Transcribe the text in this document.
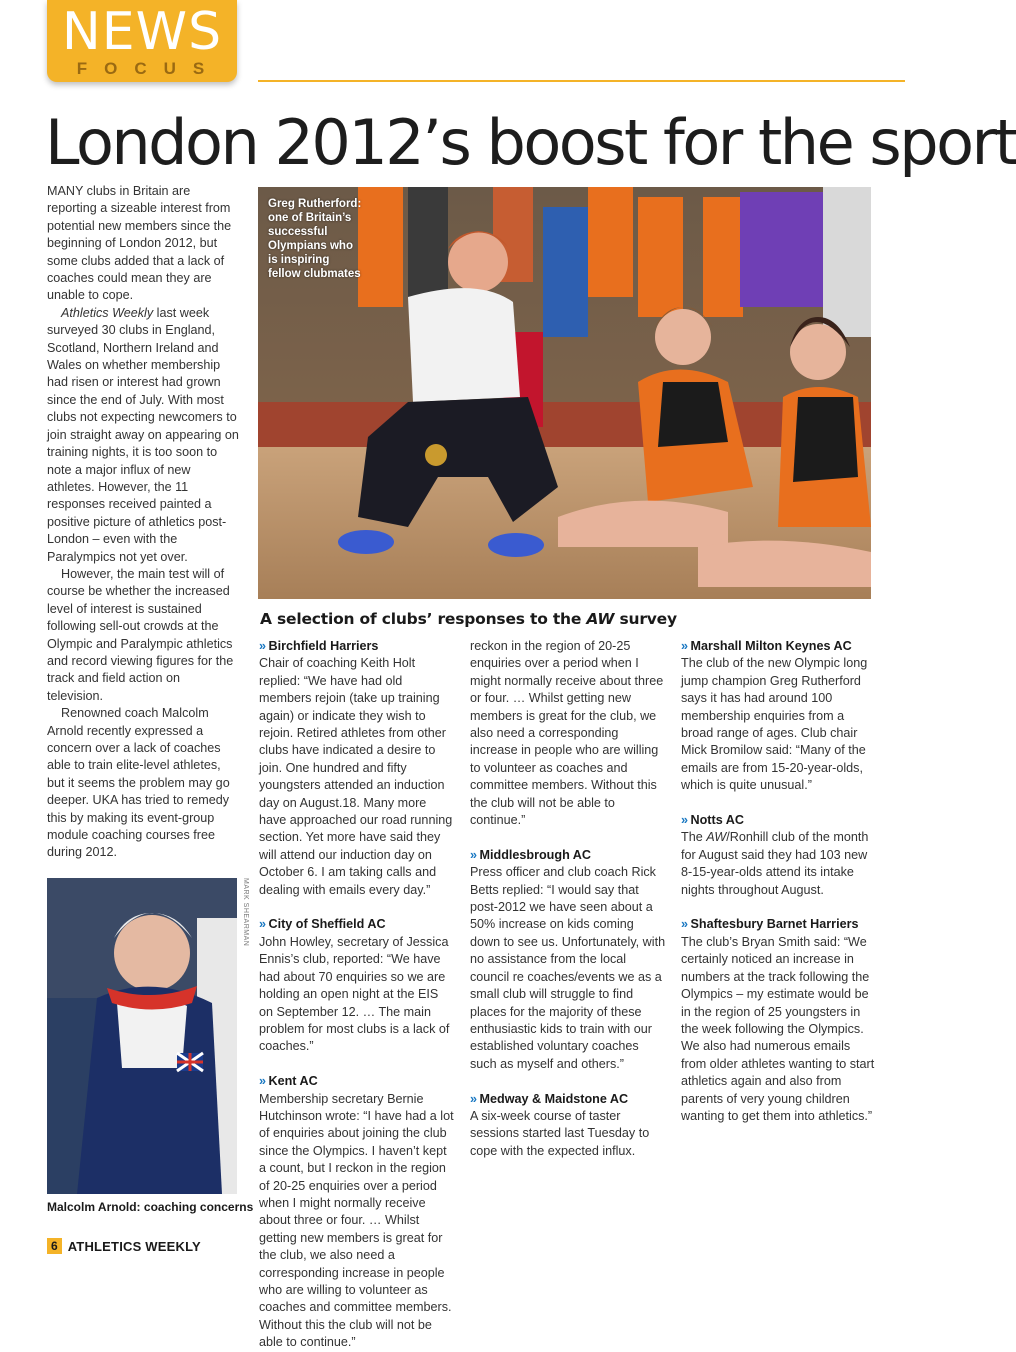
NEWS
FOCUS
London 2012’s boost for the sport

MANY clubs in Britain are reporting a sizeable interest from potential new members since the beginning of London 2012, but some clubs added that a lack of coaches could mean they are unable to cope.

Athletics Weekly last week surveyed 30 clubs in England, Scotland, Northern Ireland and Wales on whether membership had risen or interest had grown since the end of July. With most clubs not expecting newcomers to join straight away on appearing on training nights, it is too soon to note a major influx of new athletes. However, the 11 responses received painted a positive picture of athletics post-London – even with the Paralympics not yet over.

However, the main test will of course be whether the increased level of interest is sustained following sell-out crowds at the Olympic and Paralympic athletics and record viewing figures for the track and field action on television.

Renowned coach Malcolm Arnold recently expressed a concern over a lack of coaches able to train elite-level athletes, but it seems the problem may go deeper. UKA has tried to remedy this by making its event-group module coaching courses free during 2012.

Greg Rutherford: one of Britain’s successful Olympians who is inspiring fellow clubmates
A selection of clubs’ responses to the AW survey
» Birchfield Harriers
Chair of coaching Keith Holt replied: “We have had old members rejoin (take up training again) or indicate they wish to rejoin. Retired athletes from other clubs have indicated a desire to join. One hundred and fifty youngsters attended an induction day on August.18. Many more have approached our road running section. Yet more have said they will attend our induction day on October 6. I am taking calls and dealing with emails every day.”
» City of Sheffield AC
John Howley, secretary of Jessica Ennis’s club, reported: “We have had about 70 enquiries so we are holding an open night at the EIS on September 12. … The main problem for most clubs is a lack of coaches.”
» Kent AC
Membership secretary Bernie Hutchinson wrote: “I have had a lot of enquiries about joining the club since the Olympics. I haven’t kept a count, but I reckon in the region of 20-25 enquiries over a period when I might normally receive about three or four. … Whilst getting new members is great for the club, we also need a corresponding increase in people who are willing to volunteer as coaches and committee members. Without this the club will not be able to continue.”
reckon in the region of 20-25 enquiries over a period when I might normally receive about three or four. … Whilst getting new members is great for the club, we also need a corresponding increase in people who are willing to volunteer as coaches and committee members. Without this the club will not be able to continue.”
» Middlesbrough AC
Press officer and club coach Rick Betts replied: “I would say that post-2012 we have seen about a 50% increase on kids coming down to see us. Unfortunately, with no assistance from the local council re coaches/events we as a small club will struggle to find places for the majority of these enthusiastic kids to train with our established voluntary coaches such as myself and others.”
» Medway & Maidstone AC
A six-week course of taster sessions started last Tuesday to cope with the expected influx.
» Marshall Milton Keynes AC
The club of the new Olympic long jump champion Greg Rutherford says it has had around 100 membership enquiries from a broad range of ages. Club chair Mick Bromilow said: “Many of the emails are from 15-20-year-olds, which is quite unusual.”
» Notts AC
The AW/Ronhill club of the month for August said they had 103 new 8-15-year-olds attend its intake nights throughout August.
» Shaftesbury Barnet Harriers
The club’s Bryan Smith said: “We certainly noticed an increase in numbers at the track following the Olympics – my estimate would be in the region of 25 youngsters in the week following the Olympics. We also had numerous emails from older athletes wanting to start athletics again and also from parents of very young children wanting to get them into athletics.”
MARK SHEARMAN
Malcolm Arnold: coaching concerns
6 ATHLETICS WEEKLY
